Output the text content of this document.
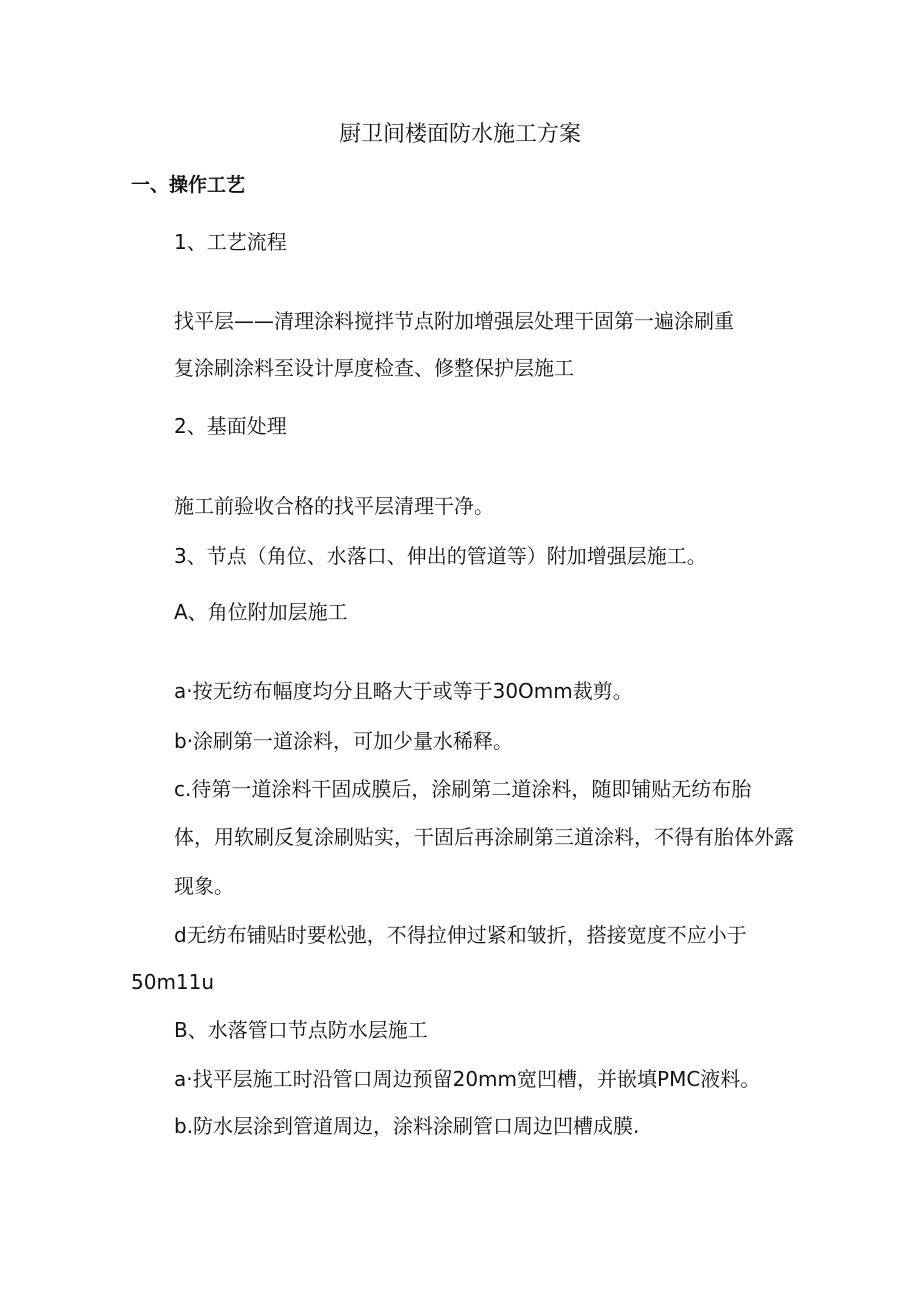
厨卫间楼面防水施工方案
一、操作工艺
1、工艺流程
找平层——清理涂料搅拌节点附加增强层处理干固第一遍涂刷重
复涂刷涂料至设计厚度检查、修整保护层施工
2、基面处理
施工前验收合格的找平层清理干净。
3、节点（角位、水落口、伸出的管道等）附加增强层施工。
A、角位附加层施工
a·按无纺布幅度均分且略大于或等于30Omm裁剪。
b·涂刷第一道涂料，可加少量水稀释。
c.待第一道涂料干固成膜后，涂刷第二道涂料，随即铺贴无纺布胎
体，用软刷反复涂刷贴实，干固后再涂刷第三道涂料，不得有胎体外露
现象。
d无纺布铺贴时要松弛，不得拉伸过紧和皱折，搭接宽度不应小于
50m11u
B、水落管口节点防水层施工
a·找平层施工时沿管口周边预留20mm宽凹槽，并嵌填PMC液料。
b.防水层涂到管道周边，涂料涂刷管口周边凹槽成膜.
